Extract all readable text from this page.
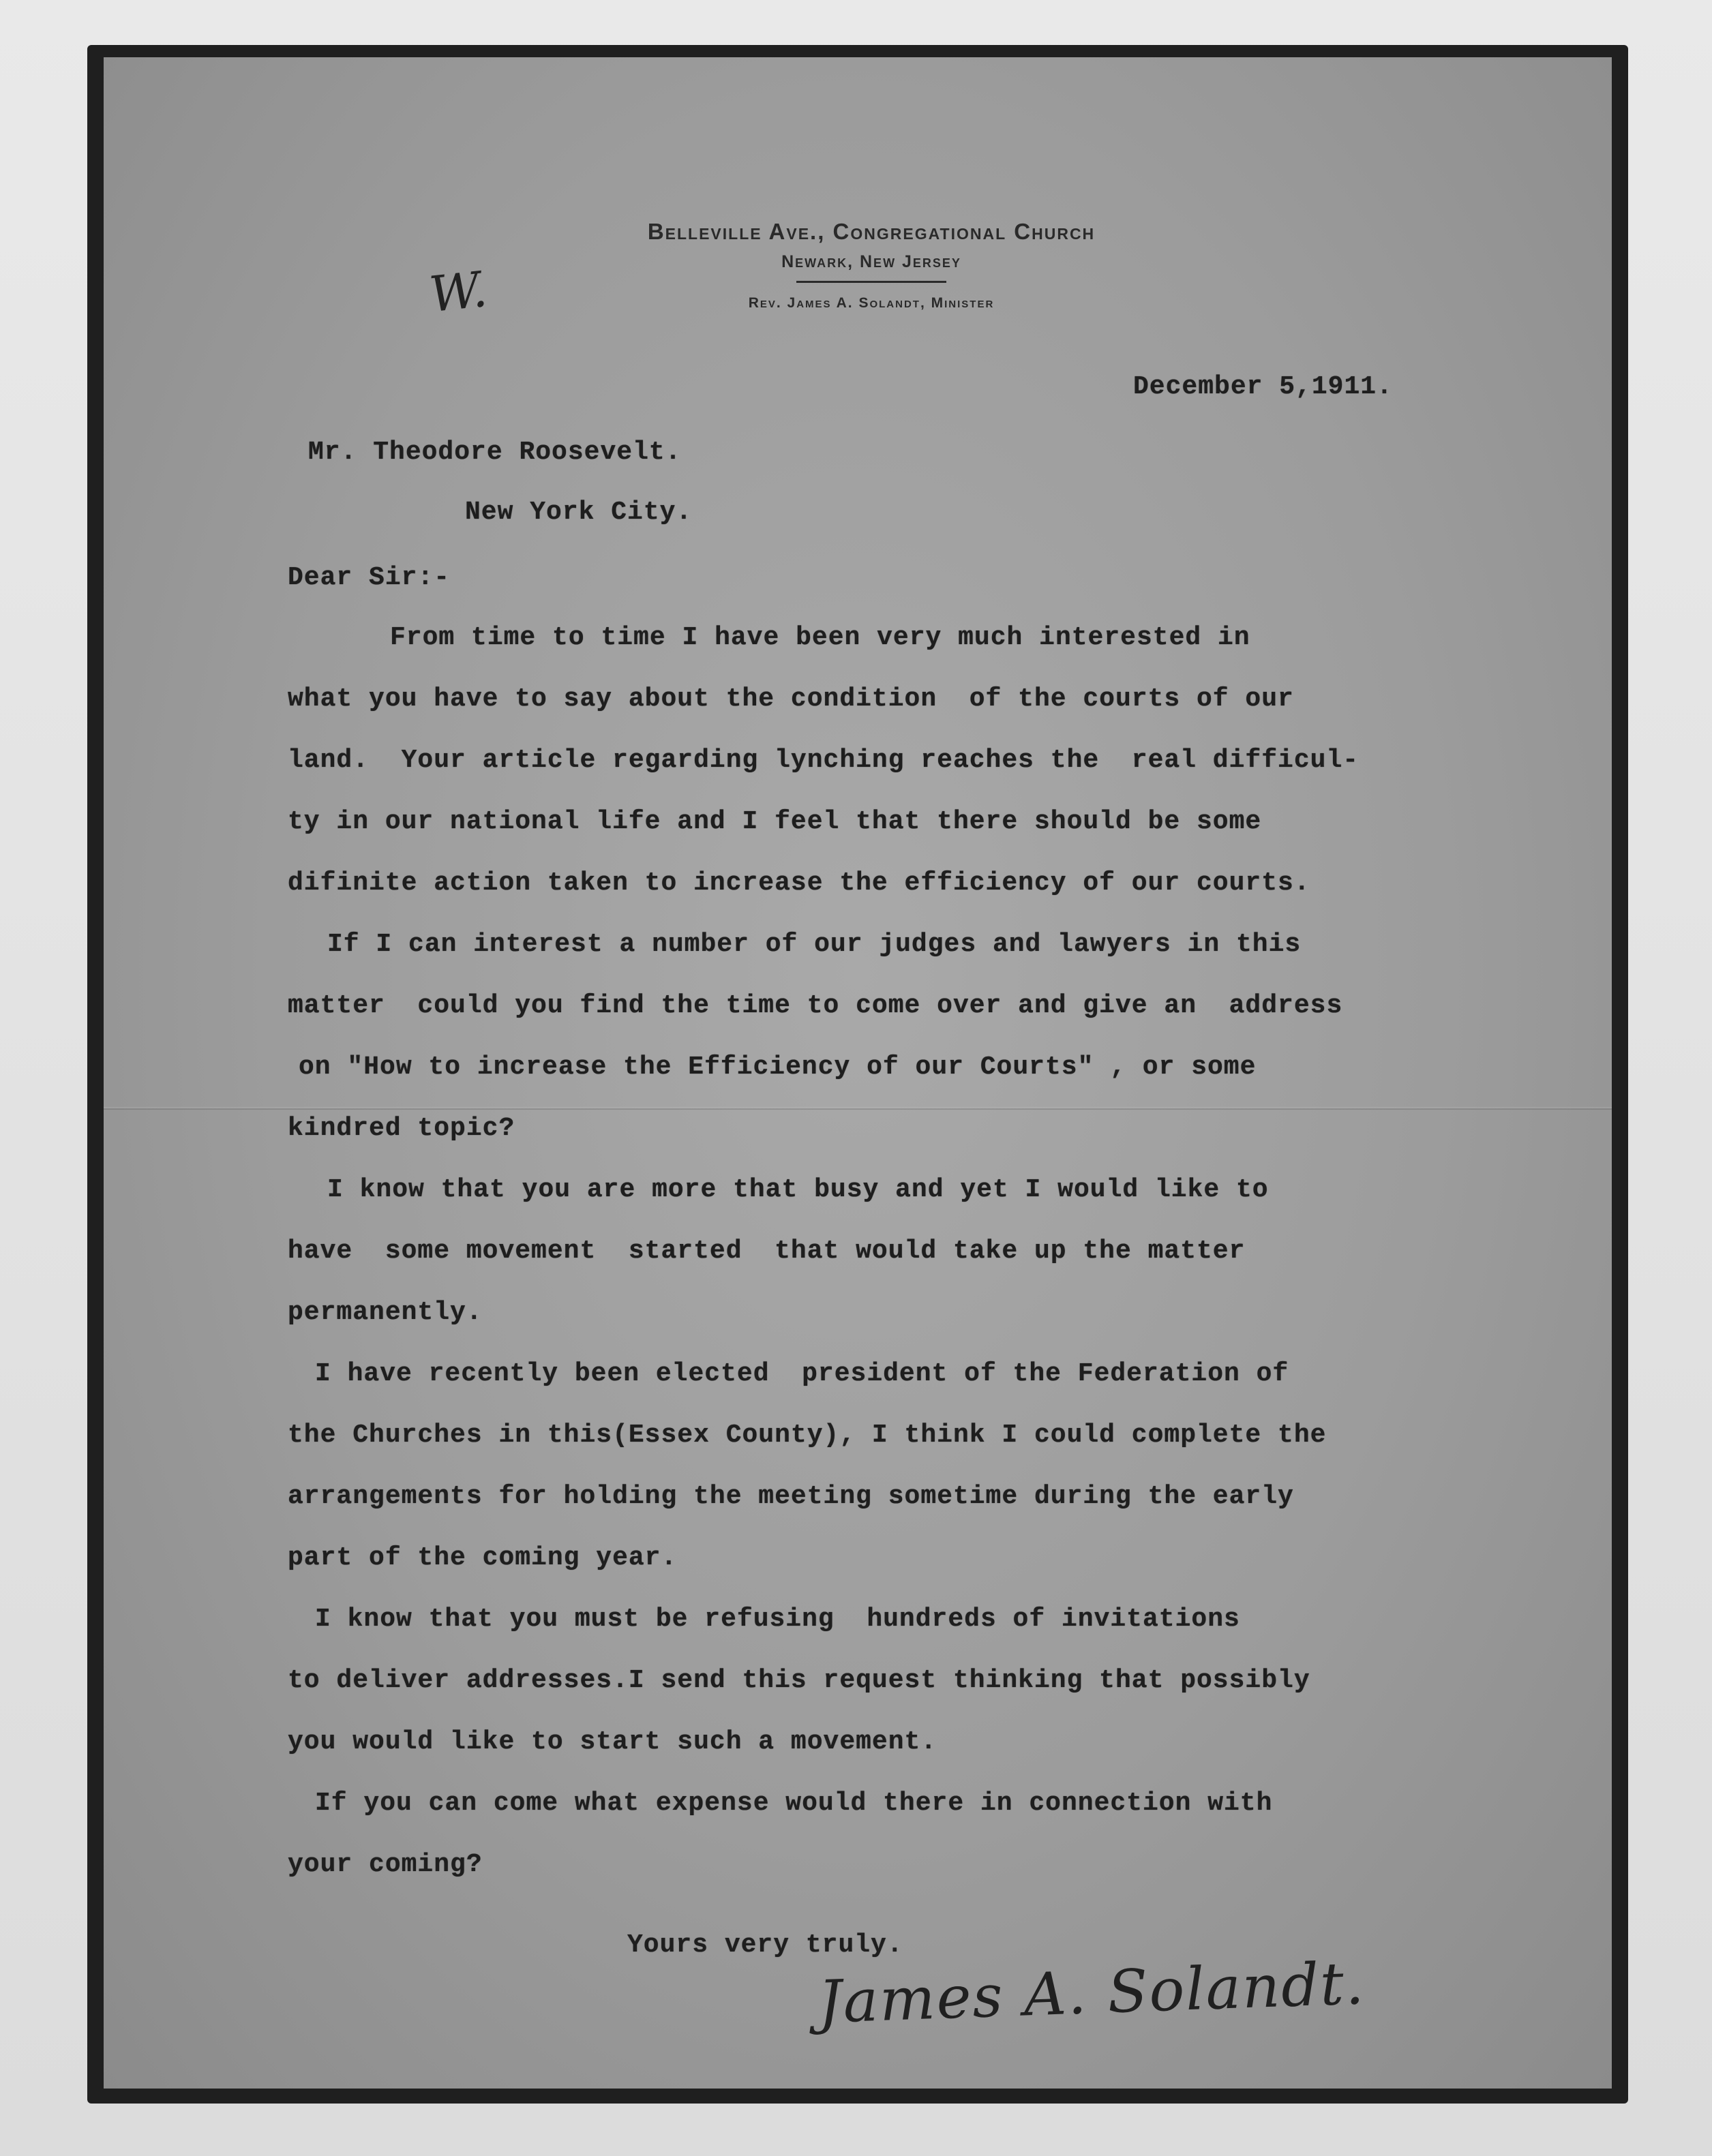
Belleville Ave., Congregational Church
Newark, New Jersey
Rev. James A. Solandt, Minister
W.
December 5,1911.
Mr. Theodore Roosevelt.
New York City.
Dear Sir:-
From time to time I have been very much interested in
what you have to say about the condition  of the courts of our
land.  Your article regarding lynching reaches the  real difficul-
ty in our national life and I feel that there should be some
difinite action taken to increase the efficiency of our courts.
If I can interest a number of our judges and lawyers in this
matter  could you find the time to come over and give an  address
on "How to increase the Efficiency of our Courts" , or some
kindred topic?
I know that you are more that busy and yet I would like to
have  some movement  started  that would take up the matter
permanently.
I have recently been elected  president of the Federation of
the Churches in this(Essex County), I think I could complete the
arrangements for holding the meeting sometime during the early
part of the coming year.
I know that you must be refusing  hundreds of invitations
to deliver addresses.I send this request thinking that possibly
you would like to start such a movement.
If you can come what expense would there in connection with
your coming?
Yours very truly.
James A. Solandt.
